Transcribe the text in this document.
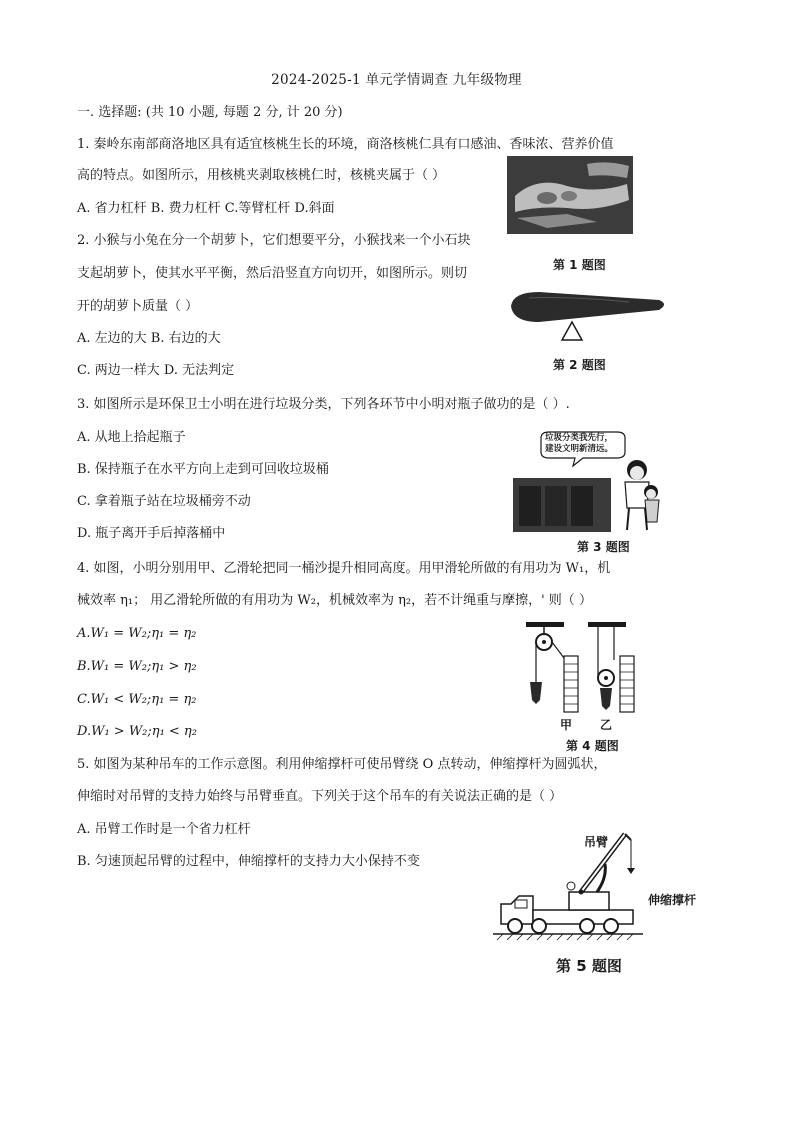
2024-2025-1 单元学情调查 九年级物理
一. 选择题: (共 10 小题, 每题 2 分, 计 20 分)
1. 秦岭东南部商洛地区具有适宜核桃生长的环境，商洛核桃仁具有口感油、香味浓、营养价值
高的特点。如图所示，用核桃夹剥取核桃仁时，核桃夹属于（ ）
A. 省力杠杆 B. 费力杠杆 C.等臂杠杆 D.斜面
第 1 题图
2. 小猴与小兔在分一个胡萝卜，它们想要平分，小猴找来一个小石块
支起胡萝卜，使其水平平衡，然后沿竖直方向切开，如图所示。则切
开的胡萝卜质量（ ）
A. 左边的大 B. 右边的大
C. 两边一样大 D. 无法判定	第 2 题图
3. 如图所示是环保卫士小明在进行垃圾分类，下列各环节中小明对瓶子做功的是（ ）.
A. 从地上拾起瓶子
B. 保持瓶子在水平方向上走到可回收垃圾桶
C. 拿着瓶子站在垃圾桶旁不动
D. 瓶子离开手后掉落桶中
垃圾分类我先行，
建设文明新清远。
第 3 题图
4. 如图，小明分别用甲、乙滑轮把同一桶沙提升相同高度。用甲滑轮所做的有用功为 W₁，机
械效率 η₁； 用乙滑轮所做的有用功为 W₂，机械效率为 η₂，若不计绳重与摩擦，' 则（ ）
A.W₁ = W₂;η₁ = η₂
B.W₁ = W₂;η₁ > η₂
C.W₁ < W₂;η₁ = η₂
D.W₁ > W₂;η₁ < η₂	甲 乙
第 4 题图
5. 如图为某种吊车的工作示意图。利用伸缩撑杆可使吊臂绕 O 点转动，伸缩撑杆为圆弧状，
伸缩时对吊臂的支持力始终与吊臂垂直。下列关于这个吊车的有关说法正确的是（ ）
A. 吊臂工作时是一个省力杠杆
B. 匀速顶起吊臂的过程中，伸缩撑杆的支持力大小保持不变
吊臂
伸缩撑杆
第 5 题图
